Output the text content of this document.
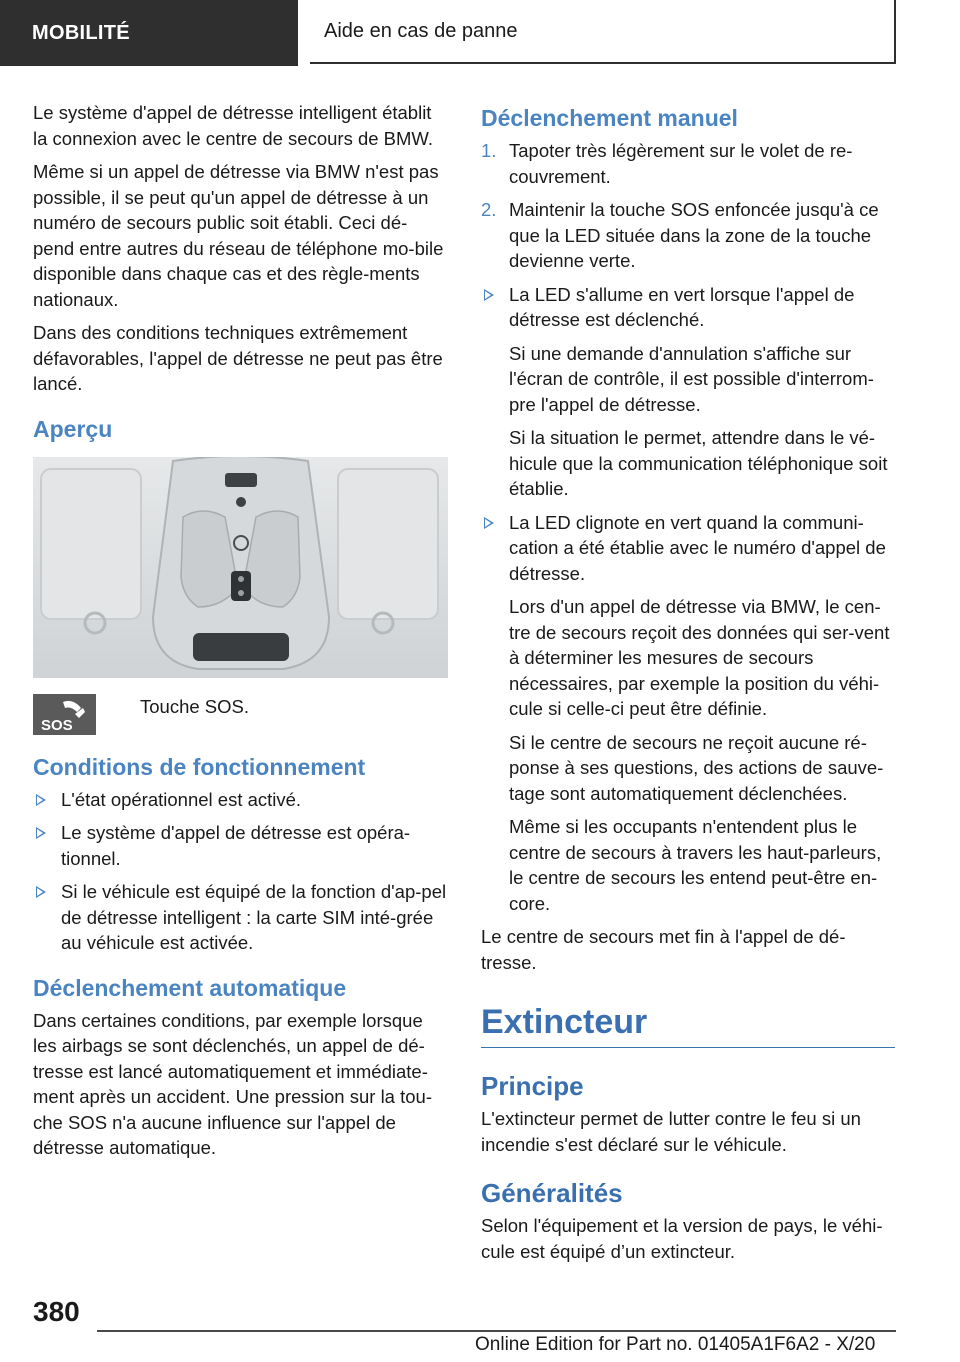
MOBILITÉ	Aide en cas de panne

Le système d'appel de détresse intelligent établit la connexion avec le centre de secours de BMW.

Même si un appel de détresse via BMW n'est pas possible, il se peut qu'un appel de détresse à un numéro de secours public soit établi. Ceci dé‐pend entre autres du réseau de téléphone mo‐bile disponible dans chaque cas et des règle‐ments nationaux.

Dans des conditions techniques extrêmement défavorables, l'appel de détresse ne peut pas être lancé.

Aperçu
SOS
Touche SOS.
Conditions de fonctionnement
L'état opérationnel est activé.
Le système d'appel de détresse est opéra‐tionnel.
Si le véhicule est équipé de la fonction d'ap‐pel de détresse intelligent : la carte SIM inté‐grée au véhicule est activée.
Déclenchement automatique

Dans certaines conditions, par exemple lorsque les airbags se sont déclenchés, un appel de dé‐tresse est lancé automatiquement et immédiate‐ment après un accident. Une pression sur la tou‐che SOS n'a aucune influence sur l'appel de détresse automatique.

Déclenchement manuel
1. Tapoter très légèrement sur le volet de re‐couvrement.
2. Maintenir la touche SOS enfoncée jusqu'à ce que la LED située dans la zone de la touche devienne verte.

La LED s'allume en vert lorsque l'appel de détresse est déclenché.

Si une demande d'annulation s'affiche sur l'écran de contrôle, il est possible d'interrom‐pre l'appel de détresse.

Si la situation le permet, attendre dans le vé‐hicule que la communication téléphonique soit établie.

La LED clignote en vert quand la communi‐cation a été établie avec le numéro d'appel de détresse.

Lors d'un appel de détresse via BMW, le cen‐tre de secours reçoit des données qui ser‐vent à déterminer les mesures de secours nécessaires, par exemple la position du véhi‐cule si celle-ci peut être définie.

Si le centre de secours ne reçoit aucune ré‐ponse à ses questions, des actions de sauve‐tage sont automatiquement déclenchées.

Même si les occupants n'entendent plus le centre de secours à travers les haut-parleurs, le centre de secours les entend peut-être en‐core.

Le centre de secours met fin à l'appel de dé‐tresse.

Extincteur
Principe

L'extincteur permet de lutter contre le feu si un incendie s'est déclaré sur le véhicule.

Généralités

Selon l'équipement et la version de pays, le véhi‐cule est équipé d’un extincteur.

380
Online Edition for Part no. 01405A1F6A2 - X/20
